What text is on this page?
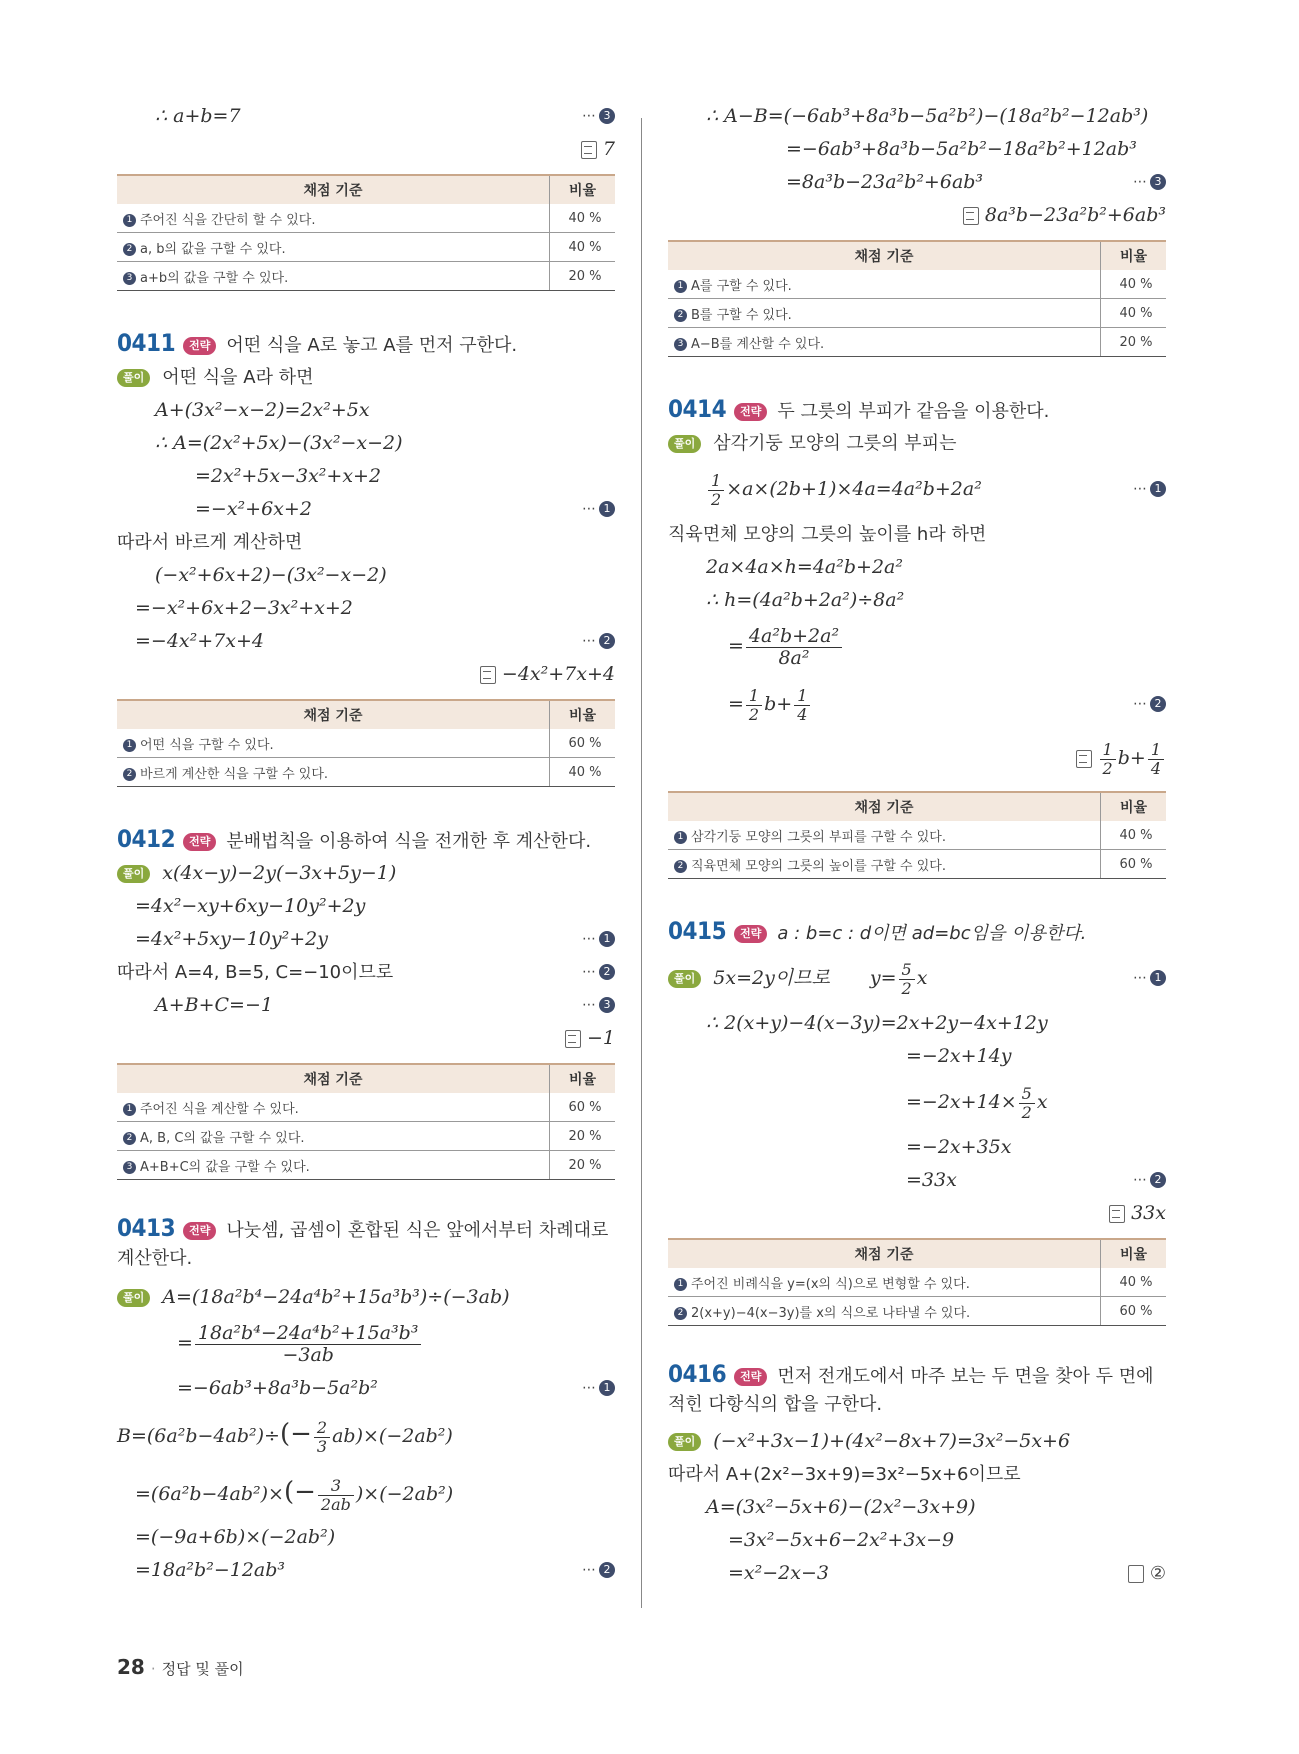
∴ a+b=7	⋯ 3
7
채점 기준	비율
1 주어진 식을 간단히 할 수 있다.	40 %
2 a, b의 값을 구할 수 있다.	40 %
3 a+b의 값을 구할 수 있다.	20 %
0411 전략 어떤 식을 A로 놓고 A를 먼저 구한다.
풀이 어떤 식을 A라 하면
A+(3x²−x−2)=2x²+5x
∴ A=(2x²+5x)−(3x²−x−2)
=2x²+5x−3x²+x+2
=−x²+6x+2	⋯ 1
따라서 바르게 계산하면
(−x²+6x+2)−(3x²−x−2)
=−x²+6x+2−3x²+x+2
=−4x²+7x+4	⋯ 2
−4x²+7x+4
채점 기준	비율
1 어떤 식을 구할 수 있다.	60 %
2 바르게 계산한 식을 구할 수 있다.	40 %
0412 전략 분배법칙을 이용하여 식을 전개한 후 계산한다.
풀이 x(4x−y)−2y(−3x+5y−1)
=4x²−xy+6xy−10y²+2y
=4x²+5xy−10y²+2y	⋯ 1
따라서 A=4, B=5, C=−10이므로	⋯ 2
A+B+C=−1	⋯ 3
−1
채점 기준	비율
1 주어진 식을 계산할 수 있다.	60 %
2 A, B, C의 값을 구할 수 있다.	20 %
3 A+B+C의 값을 구할 수 있다.	20 %
0413 전략 나눗셈, 곱셈이 혼합된 식은 앞에서부터 차례대로 계산한다.
풀이 A=(18a²b⁴−24a⁴b²+15a³b³)÷(−3ab)
= $\frac{\text{18a²b⁴−24a⁴b²+15a³b³}}{-3ab}$
=−6ab³+8a³b−5a²b²	⋯ 1
$B=(6a^2b-4ab^2)\div(- \frac{2}{3} ab)\times(-2ab^2)$
$=(6a^2b-4ab^2)\times(- \frac{3}{2ab} )\times(-2ab^2)$
=(−9a+6b)×(−2ab²)
=18a²b²−12ab³	⋯ 2
∴ A−B=(−6ab³+8a³b−5a²b²)−(18a²b²−12ab³)
=−6ab³+8a³b−5a²b²−18a²b²+12ab³
=8a³b−23a²b²+6ab³	⋯ 3
8a³b−23a²b²+6ab³
채점 기준	비율
1 A를 구할 수 있다.	40 %
2 B를 구할 수 있다.	40 %
3 A−B를 계산할 수 있다.	20 %
0414 전략 두 그릇의 부피가 같음을 이용한다.
풀이 삼각기둥 모양의 그릇의 부피는
$\frac{1}{2} \times a\times(2b+1)\times 4a=4a^2b+2a^2$	⋯ 1
직육면체 모양의 그릇의 높이를 h라 하면
2a×4a×h=4a²b+2a²
∴ h=(4a²b+2a²)÷8a²
= $\frac{\text{4a²b+2a²}}{\text{8a²}}$
= $\frac{1}{2} b+ \frac{1}{4}$	⋯ 2
$\frac{1}{2} b+ \frac{1}{4}$
채점 기준	비율
1 삼각기둥 모양의 그릇의 부피를 구할 수 있다.	40 %
2 직육면체 모양의 그릇의 높이를 구할 수 있다.	60 %
0415 전략 a : b=c : d이면 ad=bc임을 이용한다.
풀이 5x=2y이므로 $y= \frac{5}{2}$ x	⋯ 1
∴ 2(x+y)−4(x−3y)=2x+2y−4x+12y
=−2x+14y
$=-2x+14\times \frac{5}{2}$ x
=−2x+35x
=33x	⋯ 2
33x
채점 기준	비율
1 주어진 비례식을 y=(x의 식)으로 변형할 수 있다.	40 %
2 2(x+y)−4(x−3y)를 x의 식으로 나타낼 수 있다.	60 %
0416 전략 먼저 전개도에서 마주 보는 두 면을 찾아 두 면에 적힌 다항식의 합을 구한다.
풀이 (−x²+3x−1)+(4x²−8x+7)=3x²−5x+6
따라서 A+(2x²−3x+9)=3x²−5x+6이므로
A=(3x²−5x+6)−(2x²−3x+9)
=3x²−5x+6−2x²+3x−9
=x²−2x−3	②
28 · 정답 및 풀이
